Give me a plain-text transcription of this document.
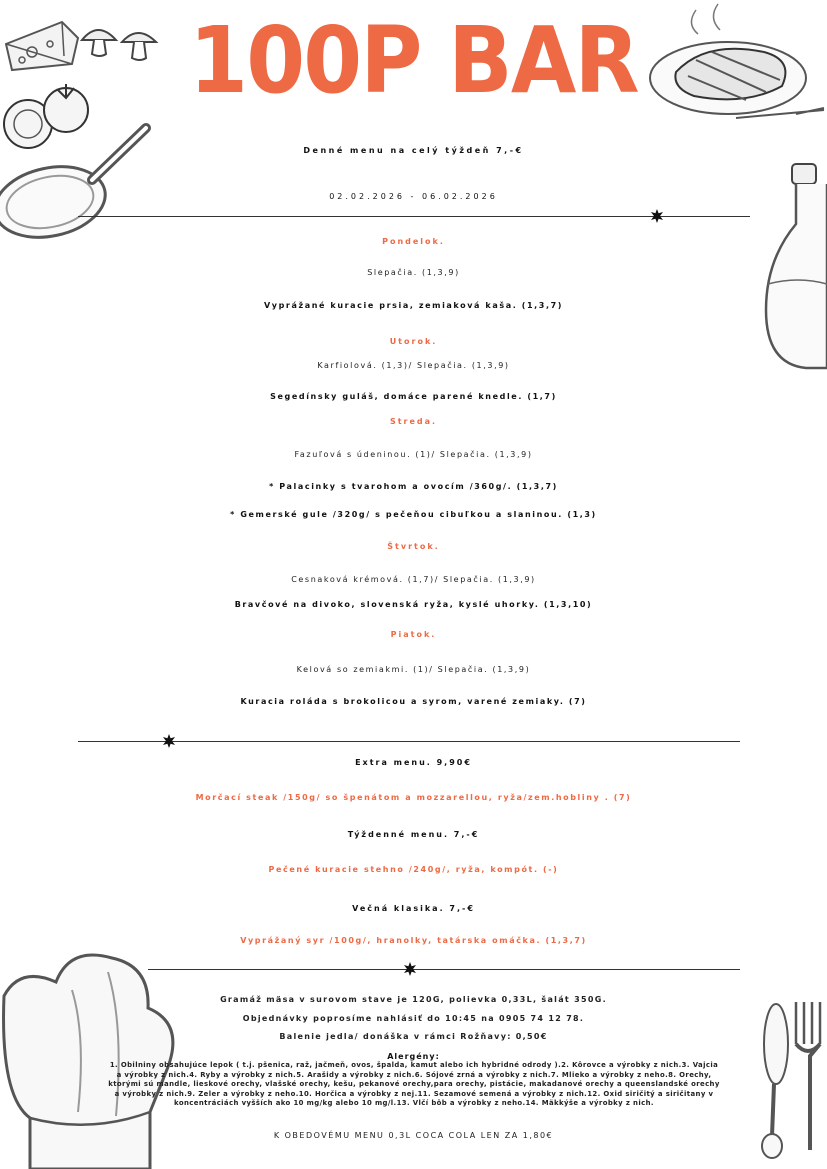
100P BAR
Denné menu na celý týždeň 7,-€
02.02.2026 - 06.02.2026
Pondelok.
Slepačia. (1,3,9)
Vyprážané kuracie prsia, zemiaková kaša. (1,3,7)
Utorok.
Karfiolová. (1,3)/ Slepačia. (1,3,9)
Segedínsky guláš, domáce parené knedle. (1,7)
Streda.
Fazuľová s údeninou. (1)/ Slepačia. (1,3,9)
* Palacinky s tvarohom a ovocím /360g/. (1,3,7)
* Gemerské gule /320g/ s pečeňou cibuľkou a slaninou. (1,3)
Štvrtok.
Cesnaková krémová. (1,7)/ Slepačia. (1,3,9)
Bravčové na divoko, slovenská ryža, kyslé uhorky. (1,3,10)
Piatok.
Kelová so zemiakmi. (1)/ Slepačia. (1,3,9)
Kuracia roláda s brokolicou a syrom, varené zemiaky. (7)
Extra menu. 9,90€
Morčací steak /150g/ so špenátom a mozzarellou, ryža/zem.hobliny . (7)
Týždenné menu. 7,-€
Pečené kuracie stehno /240g/, ryža, kompót. (-)
Večná klasika. 7,-€
Vyprážaný syr /100g/, hranolky, tatárska omáčka. (1,3,7)
Gramáž mäsa v surovom stave je 120G, polievka 0,33L, šalát 350G.
Objednávky poprosíme nahlásiť do 10:45 na 0905 74 12 78.
Balenie jedla/ donáška v rámci Rožňavy: 0,50€
Alergény:
1. Obilniny obsahujúce lepok ( t.j. pšenica, raž, jačmeň, ovos, špalda, kamut alebo ich hybridné odrody ).2. Kôrovce a výrobky z nich.3. Vajcia a výrobky z nich.4. Ryby a výrobky z nich.5. Arašidy a výrobky z nich.6. Sójové zrná a výrobky z nich.7. Mlieko a výrobky z neho.8. Orechy, ktorými sú mandle, lieskové orechy, vlašské orechy, kešu, pekanové orechy,para orechy, pistácie, makadanové orechy a queenslandské orechy a výrobky z nich.9. Zeler a výrobky z neho.10. Horčica a výrobky z nej.11. Sezamové semená a výrobky z nich.12. Oxid siričitý a siričitany v koncentráciách vyšších ako 10 mg/kg alebo 10 mg/l.13. Vlčí bôb a výrobky z neho.14. Mäkkýše a výrobky z nich.
K OBEDOVÉMU MENU 0,3L COCA COLA LEN ZA 1,80€
